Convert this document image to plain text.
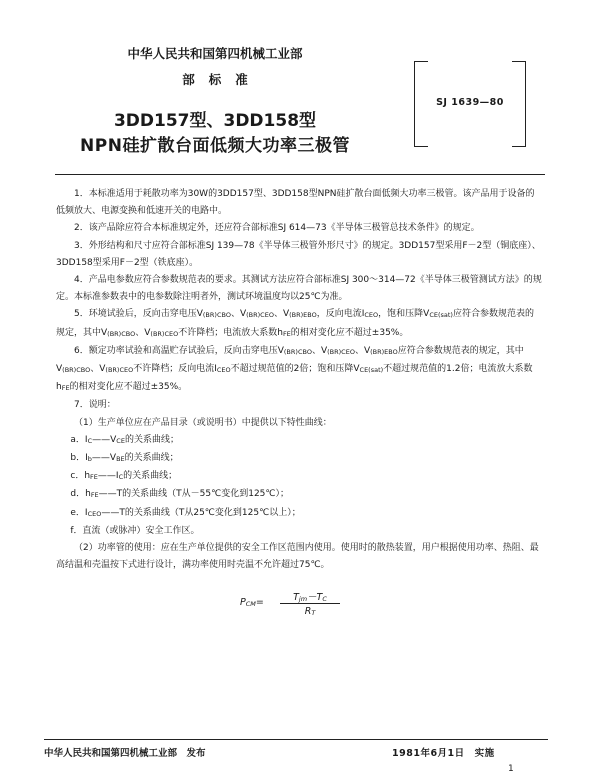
中华人民共和国第四机械工业部
部标准
3DD157型、3DD158型
NPN硅扩散台面低频大功率三极管
SJ 1639—80

1．本标准适用于耗散功率为30W的3DD157型、3DD158型NPN硅扩散台面低频大功率三极管。该产品用于设备的低频放大、电源变换和低速开关的电路中。

2．该产品除应符合本标准规定外，还应符合部标准SJ 614—73《半导体三极管总技术条件》的规定。

3．外形结构和尺寸应符合部标准SJ 139—78《半导体三极管外形尺寸》的规定。3DD157型采用F－2型（铜底座）、3DD158型采用F－2型（铁底座）。

4．产品电参数应符合参数规范表的要求。其测试方法应符合部标准SJ 300～314—72《半导体三极管测试方法》的规定。本标准参数表中的电参数除注明者外，测试环境温度均以25℃为准。

5．环境试验后，反向击穿电压V(BR)CBO、V(BR)CEO、V(BR)EBO，反向电流ICEO，饱和压降VCE(sat)应符合参数规范表的规定，其中V(BR)CBO、V(BR)CEO不许降档；电流放大系数hFE的相对变化应不超过±35%。

6．额定功率试验和高温贮存试验后，反向击穿电压V(BR)CBO、V(BR)CEO、V(BR)EBO应符合参数规范表的规定，其中V(BR)CBO、V(BR)CEO不许降档；反向电流ICEO不超过规范值的2倍；饱和压降VCE(sat)不超过规范值的1.2倍；电流放大系数hFE的相对变化应不超过±35%。

7．说明：

（1）生产单位应在产品目录（或说明书）中提供以下特性曲线：

a．IC——VCE的关系曲线；

b．Ib——VBE的关系曲线；

c．hFE——IC的关系曲线；

d．hFE——T的关系曲线（T从－55℃变化到125℃）；

e．ICEO——T的关系曲线（T从25℃变化到125℃以上）；

f．直流（或脉冲）安全工作区。

（2）功率管的使用：应在生产单位提供的安全工作区范围内使用。使用时的散热装置，用户根据使用功率、热阻、最高结温和壳温按下式进行设计，满功率使用时壳温不允许超过75℃。

PCM=	Tjm－TC
RT
中华人民共和国第四机械工业部　发布	1981年6月1日　实施
1
